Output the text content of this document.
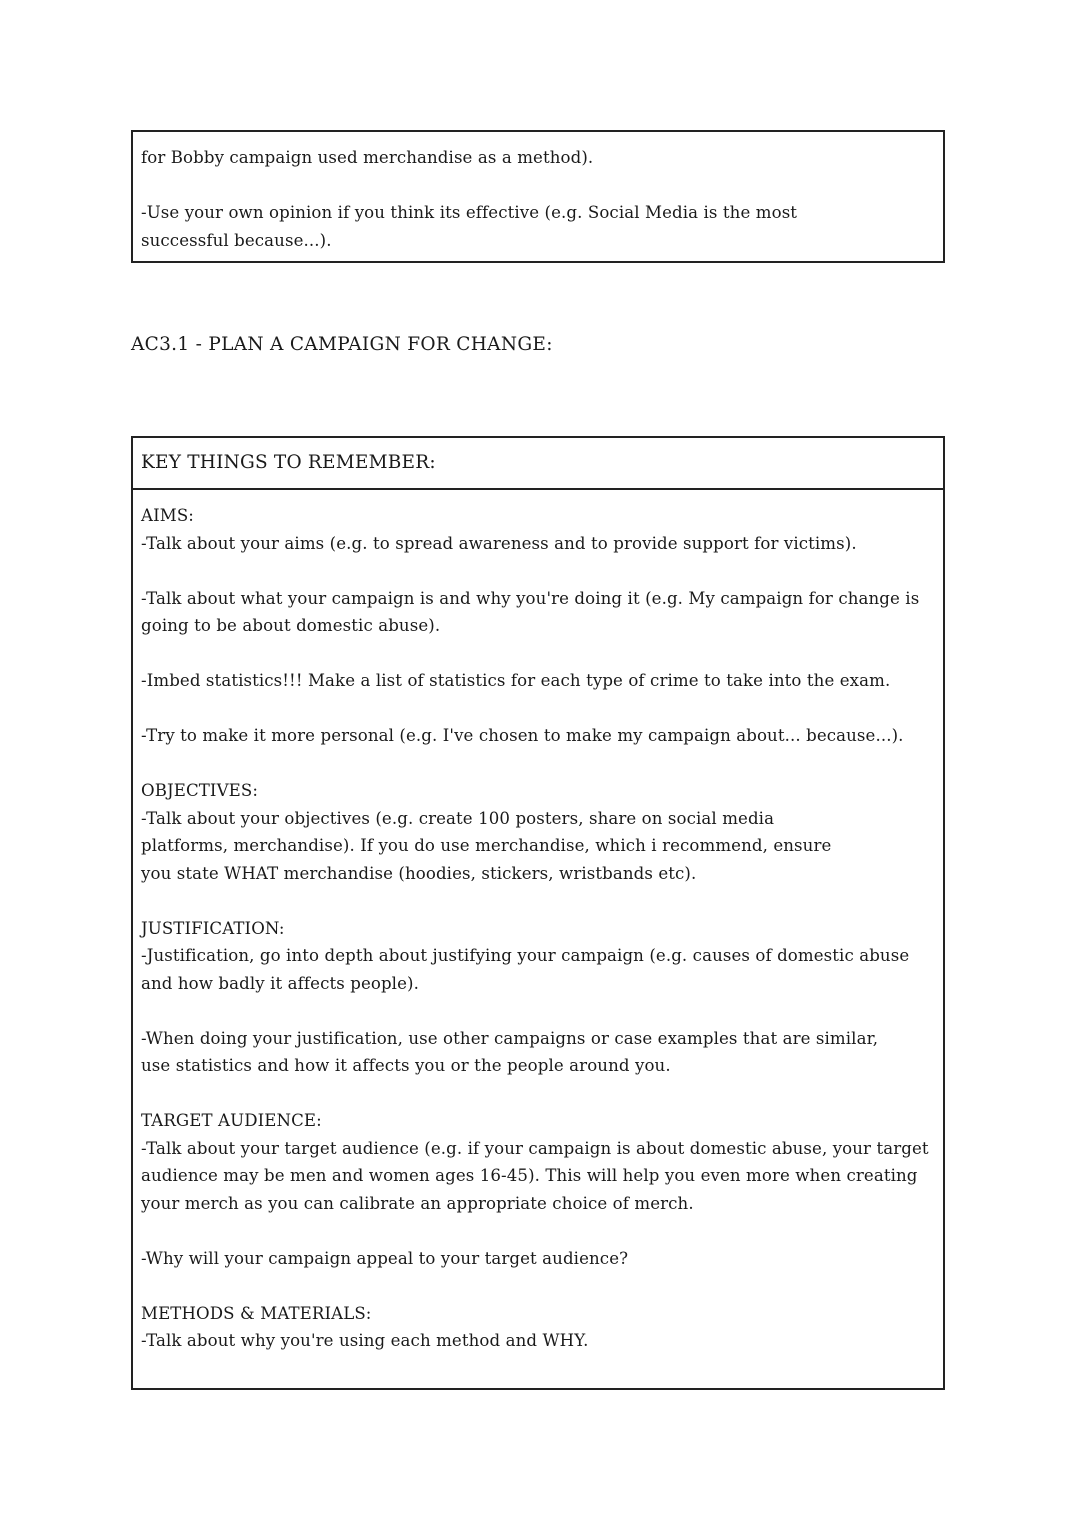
for Bobby campaign used merchandise as a method).

-Use your own opinion if you think its effective (e.g. Social Media is the most successful because...).

AC3.1 - PLAN A CAMPAIGN FOR CHANGE:
KEY THINGS TO REMEMBER:

AIMS:
-Talk about your aims (e.g. to spread awareness and to provide support for victims).

-Talk about what your campaign is and why you're doing it (e.g. My campaign for change is going to be about domestic abuse).

-Imbed statistics!!! Make a list of statistics for each type of crime to take into the exam.

-Try to make it more personal (e.g. I've chosen to make my campaign about... because...).

OBJECTIVES:
-Talk about your objectives (e.g. create 100 posters, share on social media platforms, merchandise). If you do use merchandise, which i recommend, ensure you state WHAT merchandise (hoodies, stickers, wristbands etc).

JUSTIFICATION:
-Justification, go into depth about justifying your campaign (e.g. causes of domestic abuse and how badly it affects people).

-When doing your justification, use other campaigns or case examples that are similar, use statistics and how it affects you or the people around you.

TARGET AUDIENCE:
-Talk about your target audience (e.g. if your campaign is about domestic abuse, your target audience may be men and women ages 16-45). This will help you even more when creating your merch as you can calibrate an appropriate choice of merch.

-Why will your campaign appeal to your target audience?

METHODS & MATERIALS:
-Talk about why you're using each method and WHY.
